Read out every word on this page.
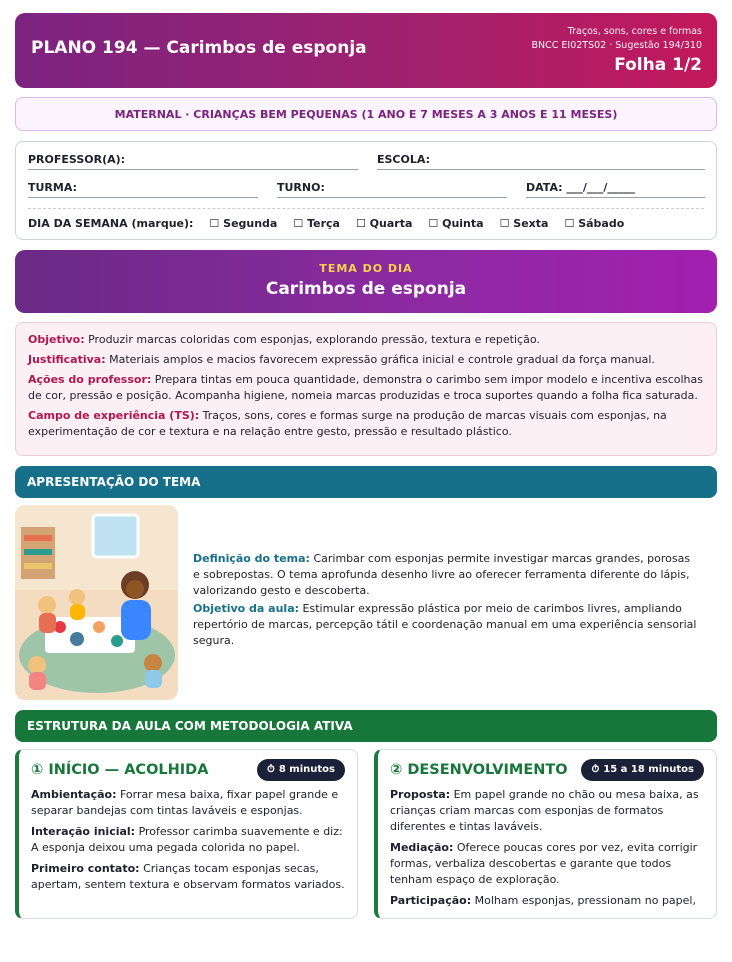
PLANO 194 — Carimbos de esponja
Traços, sons, cores e formas
BNCC EI02TS02 · Sugestão 194/310
Folha 1/2
MATERNAL · CRIANÇAS BEM PEQUENAS (1 ANO E 7 MESES A 3 ANOS E 11 MESES)
PROFESSOR(A):	ESCOLA:
TURMA:	TURNO:	DATA: ___/___/_____
DIA DA SEMANA (marque): ☐ Segunda ☐ Terça ☐ Quarta ☐ Quinta ☐ Sexta ☐ Sábado
TEMA DO DIA
Carimbos de esponja

Objetivo: Produzir marcas coloridas com esponjas, explorando pressão, textura e repetição.

Justificativa: Materiais amplos e macios favorecem expressão gráfica inicial e controle gradual da força manual.

Ações do professor: Prepara tintas em pouca quantidade, demonstra o carimbo sem impor modelo e incentiva escolhas de cor, pressão e posição. Acompanha higiene, nomeia marcas produzidas e troca suportes quando a folha fica saturada.

Campo de experiência (TS): Traços, sons, cores e formas surge na produção de marcas visuais com esponjas, na experimentação de cor e textura e na relação entre gesto, pressão e resultado plástico.

APRESENTAÇÃO DO TEMA

Definição do tema: Carimbar com esponjas permite investigar marcas grandes, porosas e sobrepostas. O tema aprofunda desenho livre ao oferecer ferramenta diferente do lápis, valorizando gesto e descoberta.

Objetivo da aula: Estimular expressão plástica por meio de carimbos livres, ampliando repertório de marcas, percepção tátil e coordenação manual em uma experiência sensorial segura.

ESTRUTURA DA AULA COM METODOLOGIA ATIVA
⏱ 8 minutos
① INÍCIO — ACOLHIDA

Ambientação: Forrar mesa baixa, fixar papel grande e separar bandejas com tintas laváveis e esponjas.

Interação inicial: Professor carimba suavemente e diz: A esponja deixou uma pegada colorida no papel.

Primeiro contato: Crianças tocam esponjas secas, apertam, sentem textura e observam formatos variados.

⏱ 15 a 18 minutos
② DESENVOLVIMENTO

Proposta: Em papel grande no chão ou mesa baixa, as crianças criam marcas com esponjas de formatos diferentes e tintas laváveis.

Mediação: Oferece poucas cores por vez, evita corrigir formas, verbaliza descobertas e garante que todos tenham espaço de exploração.

Participação: Molham esponjas, pressionam no papel,
